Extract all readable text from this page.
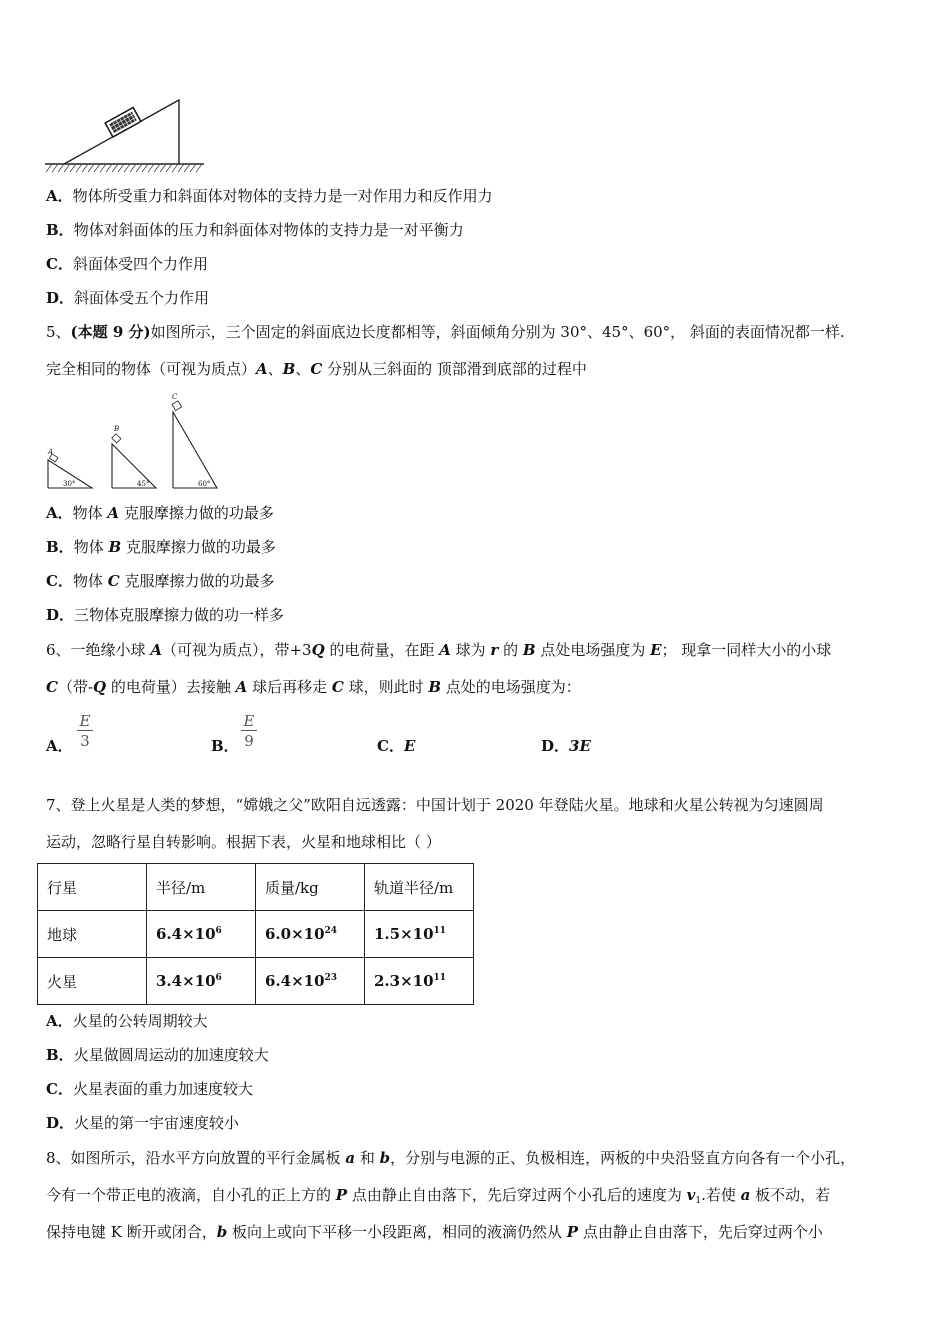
A．物体所受重力和斜面体对物体的支持力是一对作用力和反作用力
B．物体对斜面体的压力和斜面体对物体的支持力是一对平衡力
C．斜面体受四个力作用
D．斜面体受五个力作用
5、(本题 9 分)如图所示，三个固定的斜面底边长度都相等，斜面倾角分别为 30°、45°、60°， 斜面的表面情况都一样.
完全相同的物体（可视为质点）A、B、C 分别从三斜面的 顶部滑到底部的过程中
A
B
C
30°	45°	60°
A．物体 A 克服摩擦力做的功最多
B．物体 B 克服摩擦力做的功最多
C．物体 C 克服摩擦力做的功最多
D．三物体克服摩擦力做的功一样多
6、一绝缘小球 A（可视为质点），带+3Q 的电荷量，在距 A 球为 r 的 B 点处电场强度为 E； 现拿一同样大小的小球
C（带-Q 的电荷量）去接触 A 球后再移走 C 球，则此时 B 点处的电场强度为：
A． $\frac{E}{3}$	B． $\frac{E}{9}$	C．E	D．3E
7、登上火星是人类的梦想，“嫦娥之父”欧阳自远透露：中国计划于 2020 年登陆火星。地球和火星公转视为匀速圆周
运动，忽略行星自转影响。根据下表，火星和地球相比（ ）
行星	半径/m	质量/kg	轨道半径/m
地球	$6.4\times 10^6$	$6.0\times 10^{24}$	$1.5\times 10^{11}$
火星	$3.4\times 10^6$	$6.4\times 10^{23}$	$2.3\times 10^{11}$
A．火星的公转周期较大
B．火星做圆周运动的加速度较大
C．火星表面的重力加速度较大
D．火星的第一宇宙速度较小
8、如图所示，沿水平方向放置的平行金属板 a 和 b，分别与电源的正、负极相连，两板的中央沿竖直方向各有一个小孔，
今有一个带正电的液滴，自小孔的正上方的 P 点由静止自由落下，先后穿过两个小孔后的速度为 $v_1$.若使 a 板不动，若
保持电键 K 断开或闭合，b 板向上或向下平移一小段距离，相同的液滴仍然从 P 点由静止自由落下，先后穿过两个小
